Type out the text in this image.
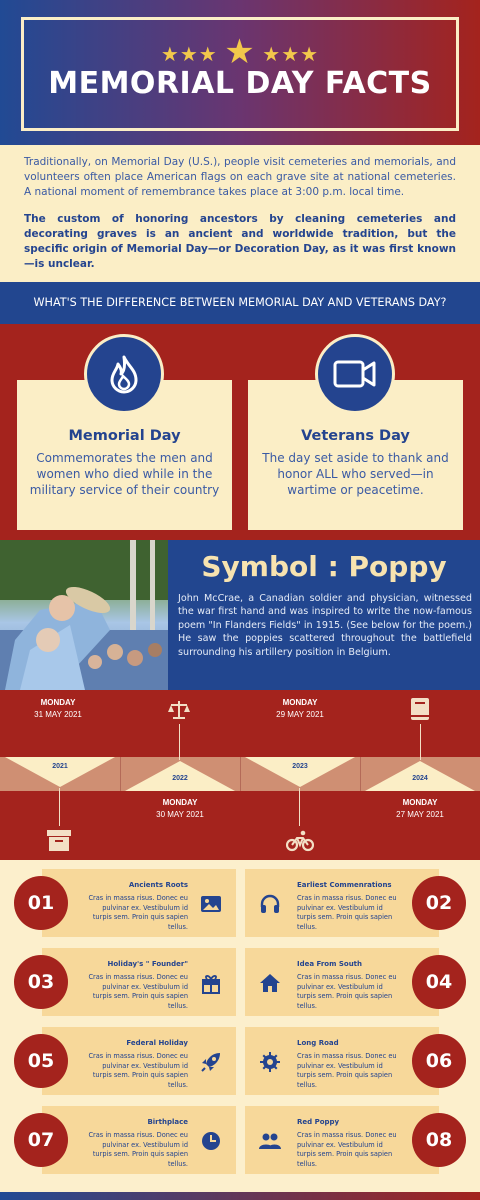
★★★ ★ ★★★
MEMORIAL DAY FACTS

Traditionally, on Memorial Day (U.S.), people visit cemeteries and memorials, and volunteers often place American flags on each grave site at national cemeteries. A national moment of remembrance takes place at 3:00 p.m. local time.

The custom of honoring ancestors by cleaning cemeteries and decorating graves is an ancient and worldwide tradition, but the specific origin of Memorial Day—or Decoration Day, as it was first known—is unclear.

WHAT'S THE DIFFERENCE BETWEEN MEMORIAL DAY AND VETERANS DAY?
Memorial Day

Commemorates the men and women who died while in the military service of their country

Veterans Day

The day set aside to thank and honor ALL who served—in wartime or peacetime.

Symbol : Poppy

John McCrae, a Canadian soldier and physician, witnessed the war first hand and was inspired to write the now-famous poem "In Flanders Fields" in 1915. (See below for the poem.) He saw the poppies scattered throughout the battlefield surrounding his artillery position in Belgium.

2021
2022
2023
2024
MONDAY
31 MAY 2021
MONDAY
29 MAY 2021
MONDAY
30 MAY 2021
MONDAY
27 MAY 2021
Ancients Roots
Cras in massa risus. Donec eu pulvinar ex. Vestibulum id turpis sem. Proin quis sapien tellus.
01
Earliest Commenrations
Cras in massa risus. Donec eu pulvinar ex. Vestibulum id turpis sem. Proin quis sapien tellus.
02
Holiday's " Founder"
Cras in massa risus. Donec eu pulvinar ex. Vestibulum id turpis sem. Proin quis sapien tellus.
03
Idea From South
Cras in massa risus. Donec eu pulvinar ex. Vestibulum id turpis sem. Proin quis sapien tellus.
04
Federal Holiday
Cras in massa risus. Donec eu pulvinar ex. Vestibulum id turpis sem. Proin quis sapien tellus.
05
Long Road
Cras in massa risus. Donec eu pulvinar ex. Vestibulum id turpis sem. Proin quis sapien tellus.
06
Birthplace
Cras in massa risus. Donec eu pulvinar ex. Vestibulum id turpis sem. Proin quis sapien tellus.
07
Red Poppy
Cras in massa risus. Donec eu pulvinar ex. Vestibulum id turpis sem. Proin quis sapien tellus.
08
